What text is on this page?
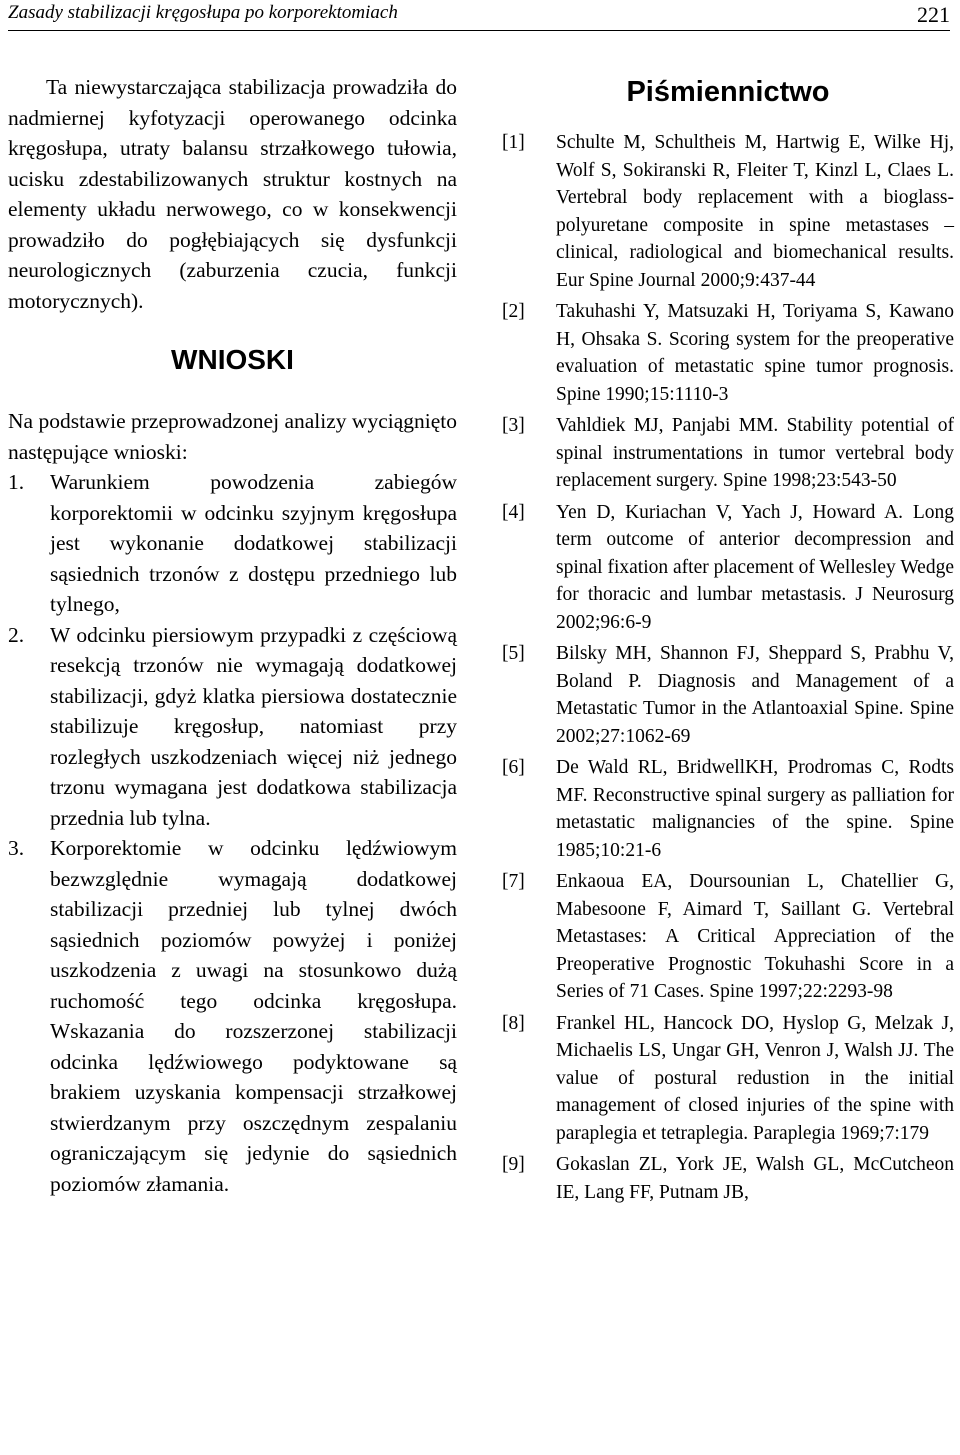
Zasady stabilizacji kręgosłupa po korporektomiach	221

Ta niewystarczająca stabilizacja prowadziła do nadmiernej kyfotyzacji operowanego odcinka kręgosłupa, utraty balansu strzałkowego tułowia, ucisku zdestabilizowanych struktur kostnych na elementy układu nerwowego, co w konsekwencji prowadziło do pogłębiających się dysfunkcji neurologicznych (zaburzenia czucia, funkcji motorycznych).

WNIOSKI

Na podstawie przeprowadzonej analizy wyciągnięto następujące wnioski:

1.	Warunkiem powodzenia zabiegów korporektomii w odcinku szyjnym kręgosłupa jest wykonanie dodatkowej stabilizacji sąsiednich trzonów z dostępu przedniego lub tylnego,
2.	W odcinku piersiowym przypadki z częściową resekcją trzonów nie wymagają dodatkowej stabilizacji, gdyż klatka piersiowa dostatecznie stabilizuje kręgosłup, natomiast przy rozległych uszkodzeniach więcej niż jednego trzonu wymagana jest dodatkowa stabilizacja przednia lub tylna.
3.	Korporektomie w odcinku lędźwiowym bezwzględnie wymagają dodatkowej stabilizacji przedniej lub tylnej dwóch sąsiednich poziomów powyżej i poniżej uszkodzenia z uwagi na stosunkowo dużą ruchomość tego odcinka kręgosłupa. Wskazania do rozszerzonej stabilizacji odcinka lędźwiowego podyktowane są brakiem uzyskania kompensacji strzałkowej stwierdzanym przy oszczędnym zespalaniu ograniczającym się jedynie do sąsiednich poziomów złamania.
Piśmiennictwo
[1]	Schulte M, Schultheis M, Hartwig E, Wilke Hj, Wolf S, Sokiranski R, Fleiter T, Kinzl L, Claes L. Vertebral body replacement with a bioglass-polyuretane composite in spine metastases – clinical, radiological and biomechanical results. Eur Spine Journal 2000;9:437-44
[2]	Takuhashi Y, Matsuzaki H, Toriyama S, Kawano H, Ohsaka S. Scoring system for the preoperative evaluation of metastatic spine tumor prognosis. Spine 1990;15:1110-3
[3]	Vahldiek MJ, Panjabi MM. Stability potential of spinal instrumentations in tumor vertebral body replacement surgery. Spine 1998;23:543-50
[4]	Yen D, Kuriachan V, Yach J, Howard A. Long term outcome of anterior decompression and spinal fixation after placement of Wellesley Wedge for thoracic and lumbar metastasis. J Neurosurg 2002;96:6-9
[5]	Bilsky MH, Shannon FJ, Sheppard S, Prabhu V, Boland P. Diagnosis and Management of a Metastatic Tumor in the Atlantoaxial Spine. Spine 2002;27:1062-69
[6]	De Wald RL, BridwellKH, Prodromas C, Rodts MF. Reconstructive spinal surgery as palliation for metastatic malignancies of the spine. Spine 1985;10:21-6
[7]	Enkaoua EA, Doursounian L, Chatellier G, Mabesoone F, Aimard T, Saillant G. Vertebral Metastases: A Critical Appreciation of the Preoperative Prognostic Tokuhashi Score in a Series of 71 Cases. Spine 1997;22:2293-98
[8]	Frankel HL, Hancock DO, Hyslop G, Melzak J, Michaelis LS, Ungar GH, Venron J, Walsh JJ. The value of postural redustion in the initial management of closed injuries of the spine with paraplegia et tetraplegia. Paraplegia 1969;7:179
[9]	Gokaslan ZL, York JE, Walsh GL, McCutcheon IE, Lang FF, Putnam JB,
